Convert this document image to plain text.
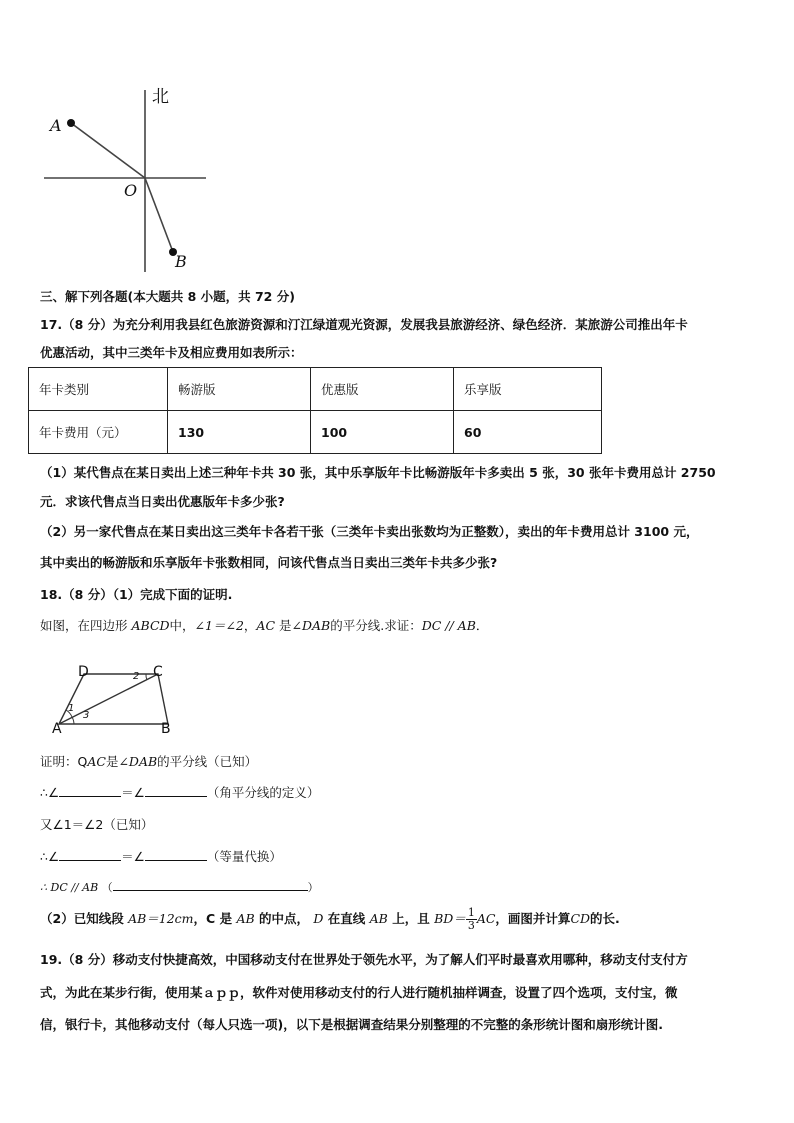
北
A
O
B
三、解下列各题(本大题共 8 小题，共 72 分)
17.（8 分）为充分利用我县红色旅游资源和汀江绿道观光资源，发展我县旅游经济、绿色经济．某旅游公司推出年卡
优惠活动，其中三类年卡及相应费用如表所示：
年卡类别	畅游版	优惠版	乐享版
年卡费用（元）	130	100	60
（1）某代售点在某日卖出上述三种年卡共 30 张，其中乐享版年卡比畅游版年卡多卖出 5 张，30 张年卡费用总计 2750
元．求该代售点当日卖出优惠版年卡多少张?
（2）另一家代售点在某日卖出这三类年卡各若干张（三类年卡卖出张数均为正整数），卖出的年卡费用总计 3100 元，
其中卖出的畅游版和乐享版年卡张数相同，问该代售点当日卖出三类年卡共多少张?
18.（8 分）（1）完成下面的证明.
如图，在四边形 ABCD中，∠1＝∠2，AC 是∠DAB的平分线.求证：DC // AB．
D	C
A	B
1
2
3
证明：QAC是∠DAB的平分线（已知）
∴∠	＝∠	（角平分线的定义）
又∠1＝∠2（已知）
∴∠	＝∠	（等量代换）
∴ DC // AB （	）
（2）已知线段 AB＝12cm，C 是 AB 的中点， D 在直线 AB 上，且 $BD= \frac{1}{3}$ AC，画图并计算CD的长.
19.（8 分）移动支付快捷高效，中国移动支付在世界处于领先水平，为了解人们平时最喜欢用哪种，移动支付支付方
式，为此在某步行街，使用某ａｐｐ，软件对使用移动支付的行人进行随机抽样调查，设置了四个选项，支付宝，微
信，银行卡，其他移动支付（每人只选一项)，以下是根据调查结果分别整理的不完整的条形统计图和扇形统计图.
